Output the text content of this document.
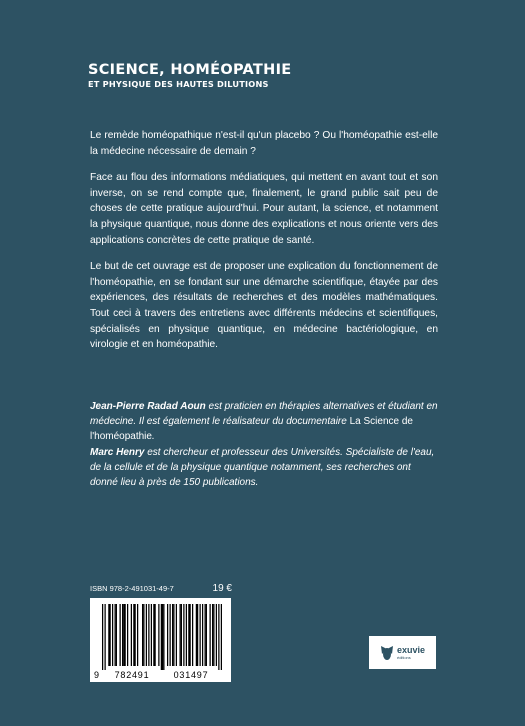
SCIENCE, HOMÉOPATHIE
ET PHYSIQUE DES HAUTES DILUTIONS

Le remède homéopathique n'est-il qu'un placebo ? Ou l'homéopathie est-elle la médecine nécessaire de demain ?

Face au flou des informations médiatiques, qui mettent en avant tout et son inverse, on se rend compte que, finalement, le grand public sait peu de choses de cette pratique aujourd'hui. Pour autant, la science, et notamment la physique quantique, nous donne des explications et nous oriente vers des applications concrètes de cette pratique de santé.

Le but de cet ouvrage est de proposer une explication du fonctionnement de l'homéopathie, en se fondant sur une démarche scientifique, étayée par des expériences, des résultats de recherches et des modèles mathématiques. Tout ceci à travers des entretiens avec différents médecins et scientifiques, spécialisés en physique quantique, en médecine bactériologique, en virologie et en homéopathie.

Jean-Pierre Radad Aoun est praticien en thérapies alternatives et étudiant en médecine. Il est également le réalisateur du documentaire La Science de l'homéopathie.

Marc Henry est chercheur et professeur des Universités. Spécialiste de l'eau, de la cellule et de la physique quantique notamment, ses recherches ont donné lieu à près de 150 publications.

ISBN 978-2-491031-49-7	19 €
9 782491	031497
exuvie
éditions
